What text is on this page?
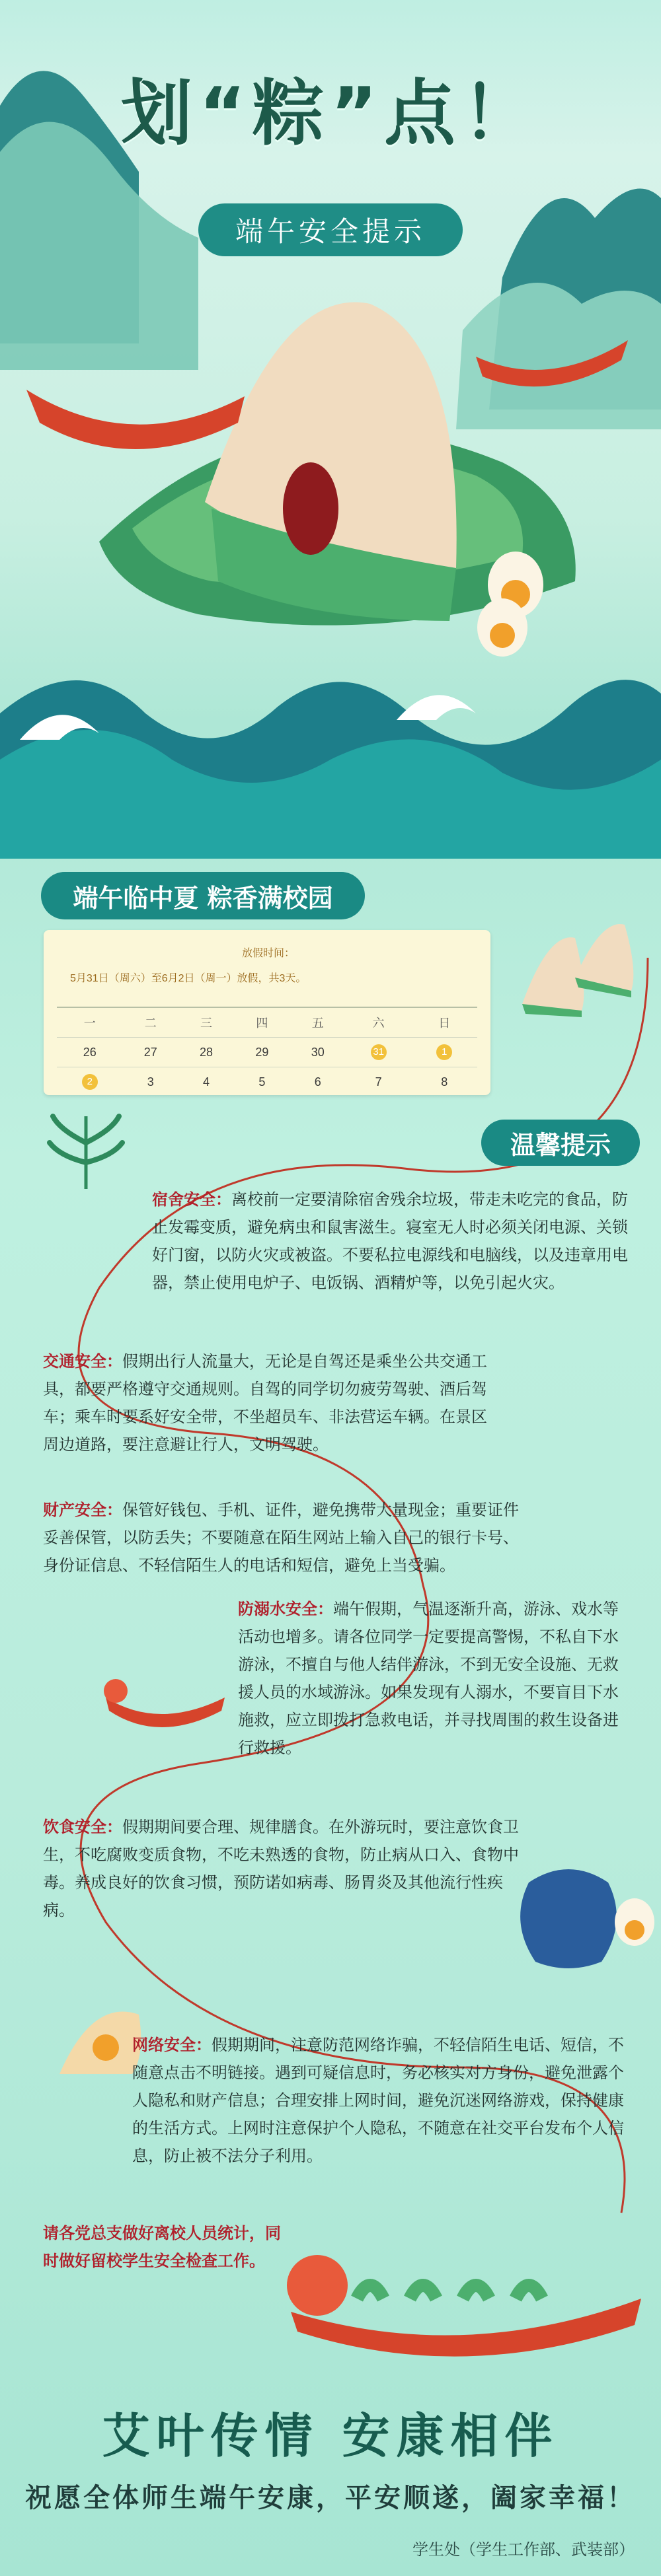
划“粽”点！
端午安全提示
端午临中夏 粽香满校园
放假时间：
5月31日（周六）至6月2日（周一）放假，共3天。
一	二	三	四	五	六	日
26	27	28	29	30	31	1
2	3	4	5	6	7	8
温馨提示
宿舍安全：离校前一定要清除宿舍残余垃圾，带走未吃完的食品，防止发霉变质，避免病虫和鼠害滋生。寝室无人时必须关闭电源、关锁好门窗，以防火灾或被盗。不要私拉电源线和电脑线，以及违章用电器，禁止使用电炉子、电饭锅、酒精炉等，以免引起火灾。
交通安全：假期出行人流量大，无论是自驾还是乘坐公共交通工具，都要严格遵守交通规则。自驾的同学切勿疲劳驾驶、酒后驾车；乘车时要系好安全带，不坐超员车、非法营运车辆。在景区周边道路，要注意避让行人，文明驾驶。
财产安全：保管好钱包、手机、证件，避免携带大量现金；重要证件妥善保管，以防丢失；不要随意在陌生网站上输入自己的银行卡号、身份证信息、不轻信陌生人的电话和短信，避免上当受骗。
防溺水安全：端午假期，气温逐渐升高，游泳、戏水等活动也增多。请各位同学一定要提高警惕，不私自下水游泳，不擅自与他人结伴游泳，不到无安全设施、无救援人员的水域游泳。如果发现有人溺水，不要盲目下水施救，应立即拨打急救电话，并寻找周围的救生设备进行救援。
饮食安全：假期期间要合理、规律膳食。在外游玩时，要注意饮食卫生，不吃腐败变质食物，不吃未熟透的食物，防止病从口入、食物中毒。养成良好的饮食习惯，预防诺如病毒、肠胃炎及其他流行性疾病。
网络安全：假期期间，注意防范网络诈骗，不轻信陌生电话、短信，不随意点击不明链接。遇到可疑信息时，务必核实对方身份，避免泄露个人隐私和财产信息；合理安排上网时间，避免沉迷网络游戏，保持健康的生活方式。上网时注意保护个人隐私，不随意在社交平台发布个人信息，防止被不法分子利用。
请各党总支做好离校人员统计，同时做好留校学生安全检查工作。
艾叶传情 安康相伴
祝愿全体师生端午安康，平安顺遂，阖家幸福！
学生处（学生工作部、武装部）
